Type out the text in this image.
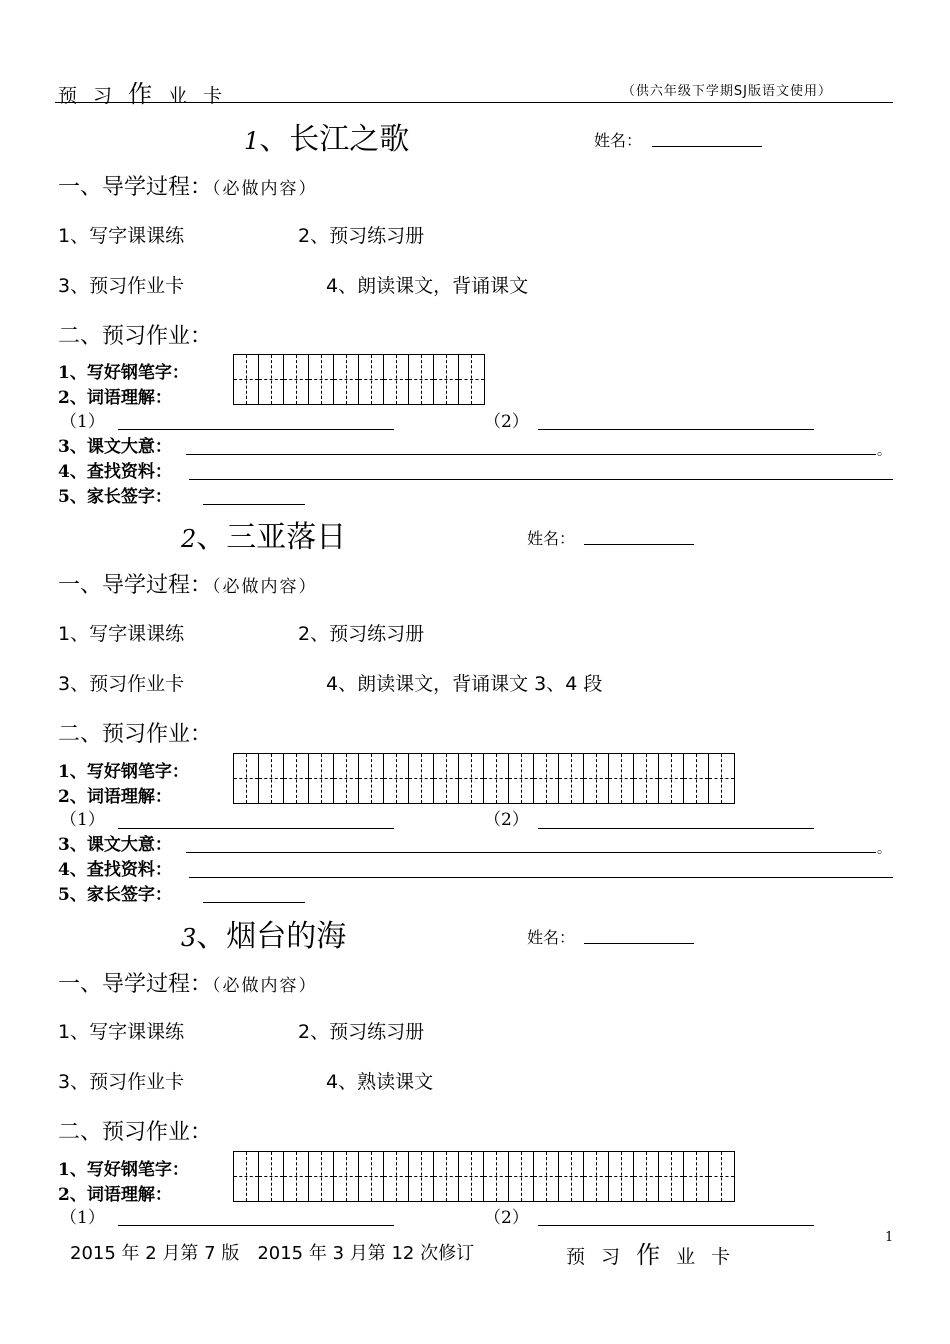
预 习 作 业 卡	（供六年级下学期SJ版语文使用）
1、长江之歌	姓名：
一、导学过程：（必做内容）
1、写字课课练	2、预习练习册
3、预习作业卡	4、朗读课文，背诵课文
二、预习作业：
1、写好钢笔字：
2、词语理解：
（1）	（2）
3、课文大意：	。
4、查找资料：
5、家长签字：
2、三亚落日	姓名：
一、导学过程：（必做内容）
1、写字课课练	2、预习练习册
3、预习作业卡	4、朗读课文，背诵课文 3、4 段
二、预习作业：
1、写好钢笔字：
2、词语理解：
（1）	（2）
3、课文大意：	。
4、查找资料：
5、家长签字：
3、烟台的海	姓名：
一、导学过程：（必做内容）
1、写字课课练	2、预习练习册
3、预习作业卡	4、熟读课文
二、预习作业：
1、写好钢笔字：
2、词语理解：
（1）	（2）
2015 年 2 月第 7 版　2015 年 3 月第 12 次修订	预 习 作 业 卡
1
